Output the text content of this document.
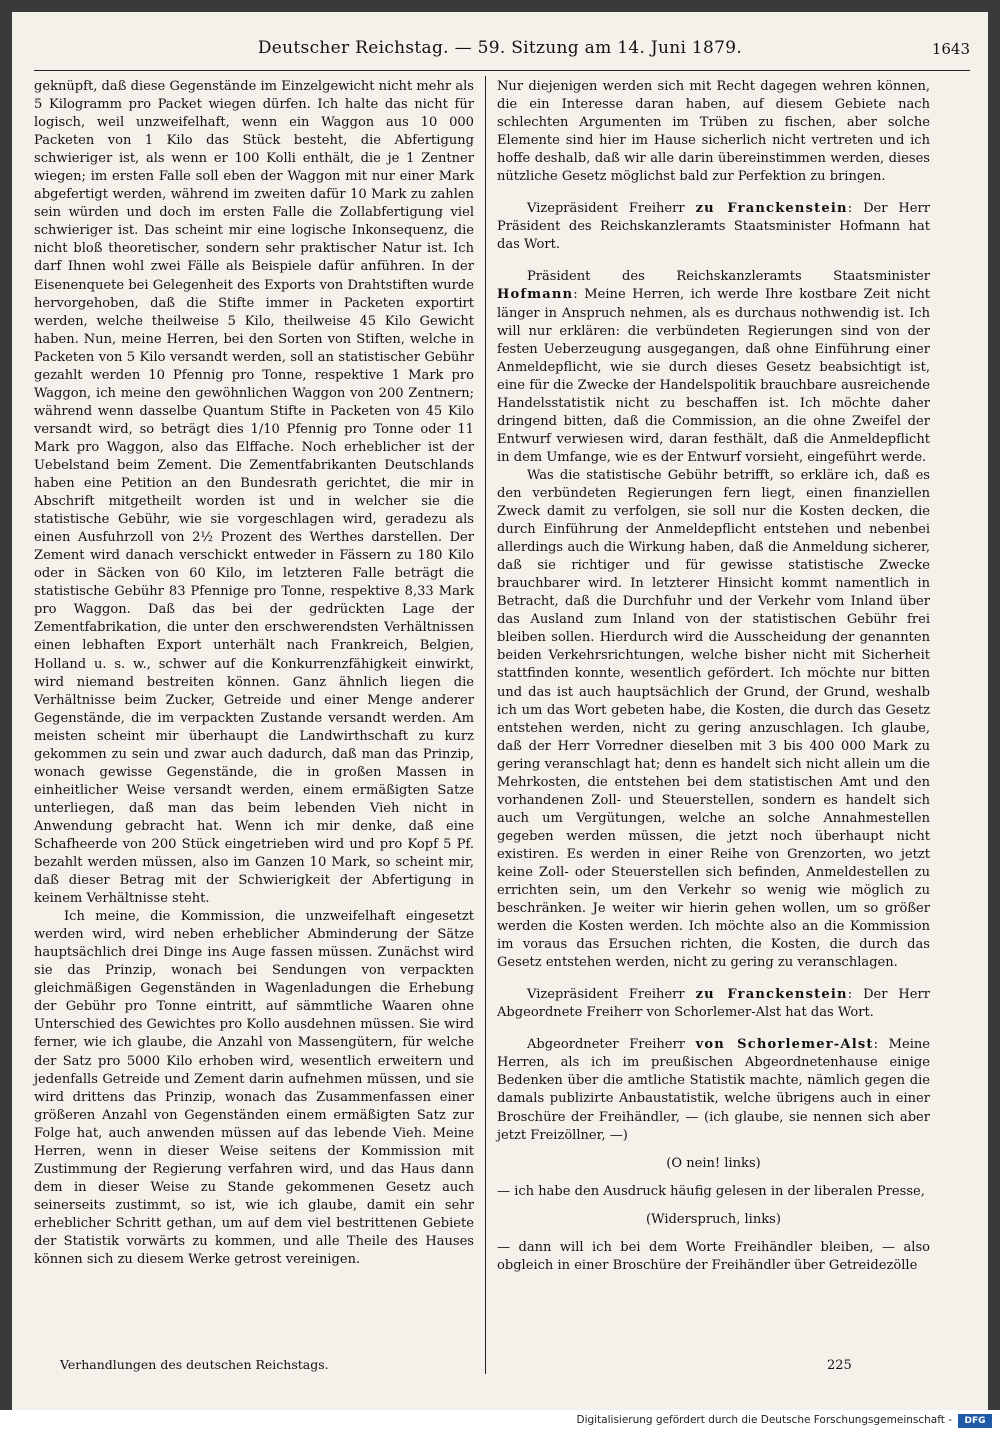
Deutscher Reichstag. — 59. Sitzung am 14. Juni 1879.	1643

geknüpft, daß diese Gegenstände im Einzelgewicht nicht mehr als 5 Kilogramm pro Packet wiegen dürfen. Ich halte das nicht für logisch, weil unzweifelhaft, wenn ein Waggon aus 10 000 Packeten von 1 Kilo das Stück besteht, die Abfertigung schwieriger ist, als wenn er 100 Kolli enthält, die je 1 Zentner wiegen; im ersten Falle soll eben der Waggon mit nur einer Mark abgefertigt werden, während im zweiten dafür 10 Mark zu zahlen sein würden und doch im ersten Falle die Zollabfertigung viel schwieriger ist. Das scheint mir eine logische Inkonsequenz, die nicht bloß theoretischer, sondern sehr praktischer Natur ist. Ich darf Ihnen wohl zwei Fälle als Beispiele dafür anführen. In der Eisenenquete bei Gelegenheit des Exports von Drahtstiften wurde hervorgehoben, daß die Stifte immer in Packeten exportirt werden, welche theilweise 5 Kilo, theilweise 45 Kilo Gewicht haben. Nun, meine Herren, bei den Sorten von Stiften, welche in Packeten von 5 Kilo versandt werden, soll an statistischer Gebühr gezahlt werden 10 Pfennig pro Tonne, respektive 1 Mark pro Waggon, ich meine den gewöhnlichen Waggon von 200 Zentnern; während wenn dasselbe Quantum Stifte in Packeten von 45 Kilo versandt wird, so beträgt dies 1/10 Pfennig pro Tonne oder 11 Mark pro Waggon, also das Elffache. Noch erheblicher ist der Uebelstand beim Zement. Die Zementfabrikanten Deutschlands haben eine Petition an den Bundesrath gerichtet, die mir in Abschrift mitgetheilt worden ist und in welcher sie die statistische Gebühr, wie sie vorgeschlagen wird, geradezu als einen Ausfuhrzoll von 2½ Prozent des Werthes darstellen. Der Zement wird danach verschickt entweder in Fässern zu 180 Kilo oder in Säcken von 60 Kilo, im letzteren Falle beträgt die statistische Gebühr 83 Pfennige pro Tonne, respektive 8,33 Mark pro Waggon. Daß das bei der gedrückten Lage der Zementfabrikation, die unter den erschwerendsten Verhältnissen einen lebhaften Export unterhält nach Frankreich, Belgien, Holland u. s. w., schwer auf die Konkurrenzfähigkeit einwirkt, wird niemand bestreiten können. Ganz ähnlich liegen die Verhältnisse beim Zucker, Getreide und einer Menge anderer Gegenstände, die im verpackten Zustande versandt werden. Am meisten scheint mir überhaupt die Landwirthschaft zu kurz gekommen zu sein und zwar auch dadurch, daß man das Prinzip, wonach gewisse Gegenstände, die in großen Massen in einheitlicher Weise versandt werden, einem ermäßigten Satze unterliegen, daß man das beim lebenden Vieh nicht in Anwendung gebracht hat. Wenn ich mir denke, daß eine Schafheerde von 200 Stück eingetrieben wird und pro Kopf 5 Pf. bezahlt werden müssen, also im Ganzen 10 Mark, so scheint mir, daß dieser Betrag mit der Schwierigkeit der Abfertigung in keinem Verhältnisse steht.

Ich meine, die Kommission, die unzweifelhaft eingesetzt werden wird, wird neben erheblicher Abminderung der Sätze hauptsächlich drei Dinge ins Auge fassen müssen. Zunächst wird sie das Prinzip, wonach bei Sendungen von verpackten gleichmäßigen Gegenständen in Wagenladungen die Erhebung der Gebühr pro Tonne eintritt, auf sämmtliche Waaren ohne Unterschied des Gewichtes pro Kollo ausdehnen müssen. Sie wird ferner, wie ich glaube, die Anzahl von Massengütern, für welche der Satz pro 5000 Kilo erhoben wird, wesentlich erweitern und jedenfalls Getreide und Zement darin aufnehmen müssen, und sie wird drittens das Prinzip, wonach das Zusammenfassen einer größeren Anzahl von Gegenständen einem ermäßigten Satz zur Folge hat, auch anwenden müssen auf das lebende Vieh. Meine Herren, wenn in dieser Weise seitens der Kommission mit Zustimmung der Regierung verfahren wird, und das Haus dann dem in dieser Weise zu Stande gekommenen Gesetz auch seinerseits zustimmt, so ist, wie ich glaube, damit ein sehr erheblicher Schritt gethan, um auf dem viel bestrittenen Gebiete der Statistik vorwärts zu kommen, und alle Theile des Hauses können sich zu diesem Werke getrost vereinigen.

Nur diejenigen werden sich mit Recht dagegen wehren können, die ein Interesse daran haben, auf diesem Gebiete nach schlechten Argumenten im Trüben zu fischen, aber solche Elemente sind hier im Hause sicherlich nicht vertreten und ich hoffe deshalb, daß wir alle darin übereinstimmen werden, dieses nützliche Gesetz möglichst bald zur Perfektion zu bringen.

Vizepräsident Freiherr zu Franckenstein: Der Herr Präsident des Reichskanzleramts Staatsminister Hofmann hat das Wort.

Präsident des Reichskanzleramts Staatsminister Hofmann: Meine Herren, ich werde Ihre kostbare Zeit nicht länger in Anspruch nehmen, als es durchaus nothwendig ist. Ich will nur erklären: die verbündeten Regierungen sind von der festen Ueberzeugung ausgegangen, daß ohne Einführung einer Anmeldepflicht, wie sie durch dieses Gesetz beabsichtigt ist, eine für die Zwecke der Handelspolitik brauchbare ausreichende Handelsstatistik nicht zu beschaffen ist. Ich möchte daher dringend bitten, daß die Commission, an die ohne Zweifel der Entwurf verwiesen wird, daran festhält, daß die Anmeldepflicht in dem Umfange, wie es der Entwurf vorsieht, eingeführt werde.

Was die statistische Gebühr betrifft, so erkläre ich, daß es den verbündeten Regierungen fern liegt, einen finanziellen Zweck damit zu verfolgen, sie soll nur die Kosten decken, die durch Einführung der Anmeldepflicht entstehen und nebenbei allerdings auch die Wirkung haben, daß die Anmeldung sicherer, daß sie richtiger und für gewisse statistische Zwecke brauchbarer wird. In letzterer Hinsicht kommt namentlich in Betracht, daß die Durchfuhr und der Verkehr vom Inland über das Ausland zum Inland von der statistischen Gebühr frei bleiben sollen. Hierdurch wird die Ausscheidung der genannten beiden Verkehrsrichtungen, welche bisher nicht mit Sicherheit stattfinden konnte, wesentlich gefördert. Ich möchte nur bitten und das ist auch hauptsächlich der Grund, der Grund, weshalb ich um das Wort gebeten habe, die Kosten, die durch das Gesetz entstehen werden, nicht zu gering anzuschlagen. Ich glaube, daß der Herr Vorredner dieselben mit 3 bis 400 000 Mark zu gering veranschlagt hat; denn es handelt sich nicht allein um die Mehrkosten, die entstehen bei dem statistischen Amt und den vorhandenen Zoll- und Steuerstellen, sondern es handelt sich auch um Vergütungen, welche an solche Annahmestellen gegeben werden müssen, die jetzt noch überhaupt nicht existiren. Es werden in einer Reihe von Grenzorten, wo jetzt keine Zoll- oder Steuerstellen sich befinden, Anmeldestellen zu errichten sein, um den Verkehr so wenig wie möglich zu beschränken. Je weiter wir hierin gehen wollen, um so größer werden die Kosten werden. Ich möchte also an die Kommission im voraus das Ersuchen richten, die Kosten, die durch das Gesetz entstehen werden, nicht zu gering zu veranschlagen.

Vizepräsident Freiherr zu Franckenstein: Der Herr Abgeordnete Freiherr von Schorlemer-Alst hat das Wort.

Abgeordneter Freiherr von Schorlemer-Alst: Meine Herren, als ich im preußischen Abgeordnetenhause einige Bedenken über die amtliche Statistik machte, nämlich gegen die damals publizirte Anbaustatistik, welche übrigens auch in einer Broschüre der Freihändler, — (ich glaube, sie nennen sich aber jetzt Freizöllner, —)

(O nein! links)

— ich habe den Ausdruck häufig gelesen in der liberalen Presse,

(Widerspruch, links)

— dann will ich bei dem Worte Freihändler bleiben, — also obgleich in einer Broschüre der Freihändler über Getreidezölle

Verhandlungen des deutschen Reichstags.	225
Digitalisierung gefördert durch die Deutsche Forschungsgemeinschaft -	DFG
